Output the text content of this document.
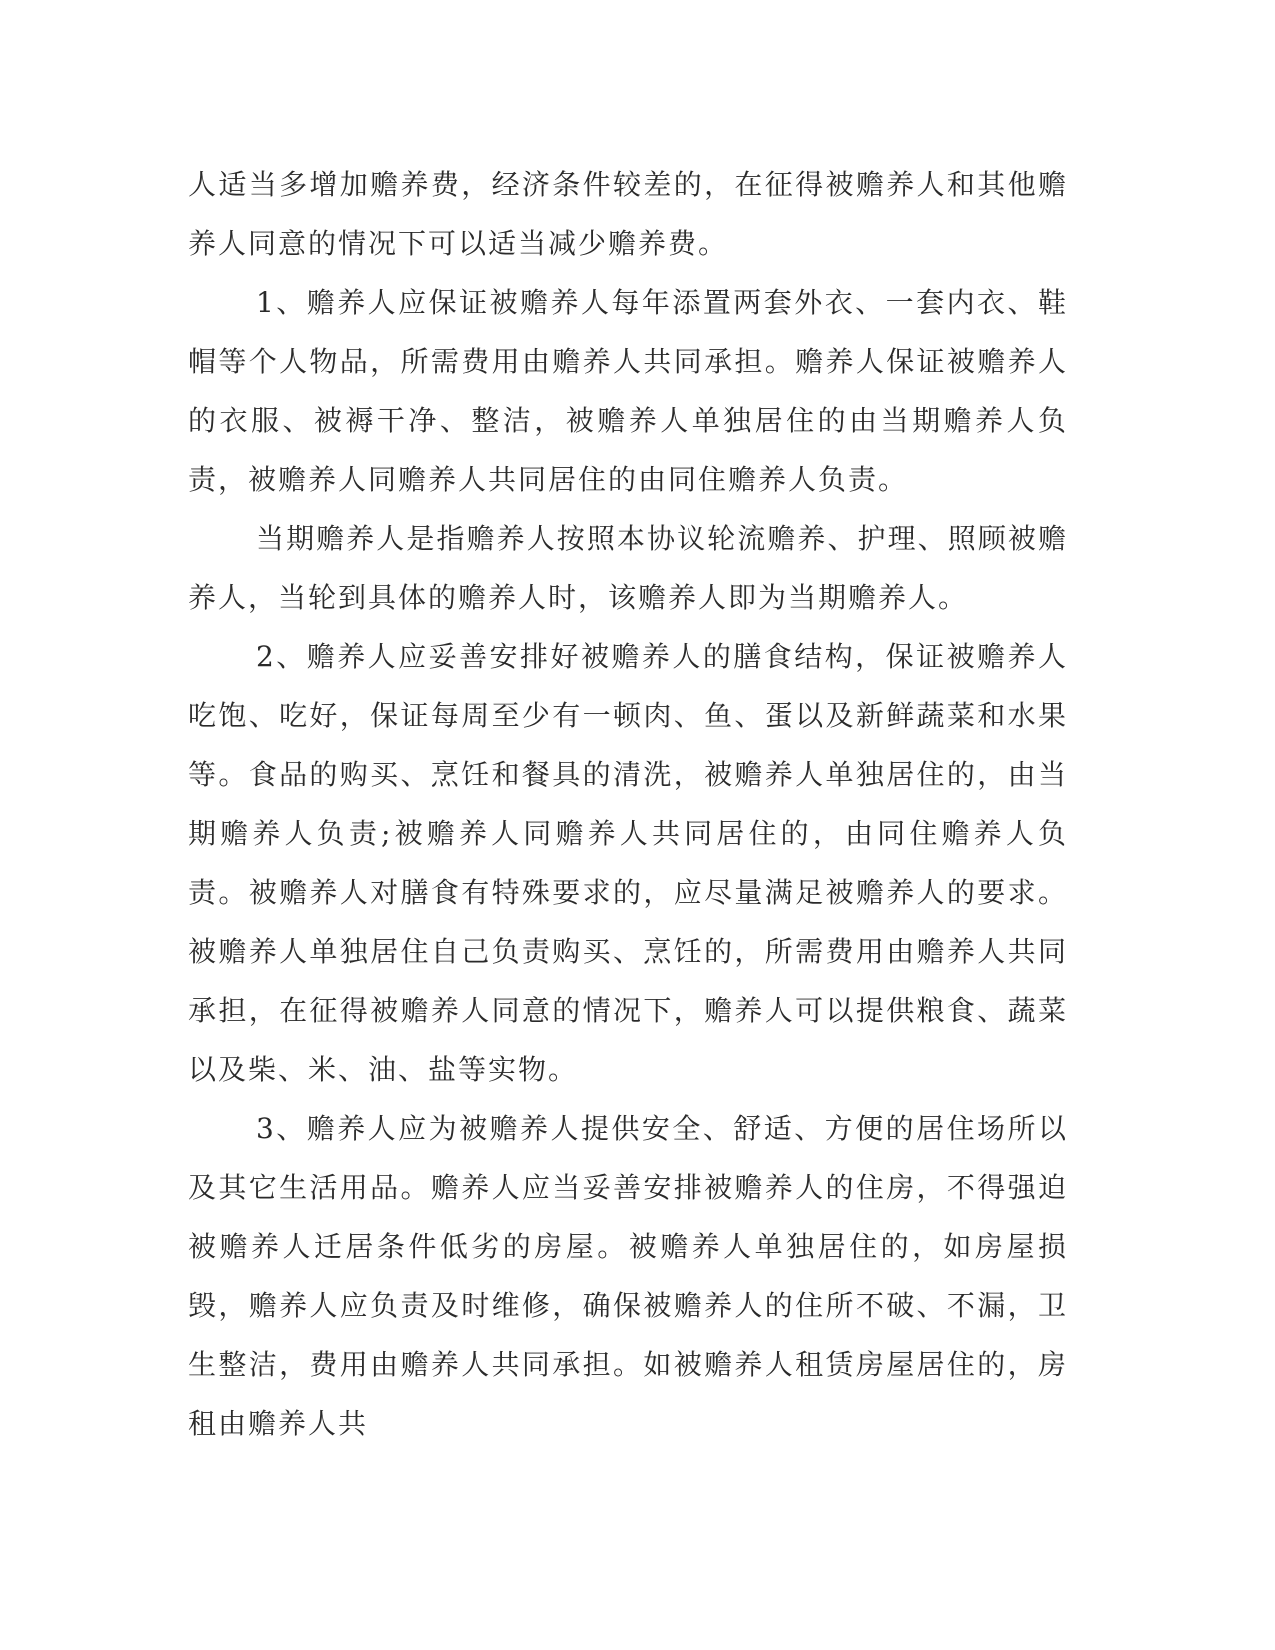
人适当多增加赡养费，经济条件较差的，在征得被赡养人和其他赡养人同意的情况下可以适当减少赡养费。

1、赡养人应保证被赡养人每年添置两套外衣、一套内衣、鞋帽等个人物品，所需费用由赡养人共同承担。赡养人保证被赡养人的衣服、被褥干净、整洁，被赡养人单独居住的由当期赡养人负责，被赡养人同赡养人共同居住的由同住赡养人负责。

当期赡养人是指赡养人按照本协议轮流赡养、护理、照顾被赡养人，当轮到具体的赡养人时，该赡养人即为当期赡养人。

2、赡养人应妥善安排好被赡养人的膳食结构，保证被赡养人吃饱、吃好，保证每周至少有一顿肉、鱼、蛋以及新鲜蔬菜和水果等。食品的购买、烹饪和餐具的清洗，被赡养人单独居住的，由当期赡养人负责;被赡养人同赡养人共同居住的，由同住赡养人负责。被赡养人对膳食有特殊要求的，应尽量满足被赡养人的要求。被赡养人单独居住自己负责购买、烹饪的，所需费用由赡养人共同承担，在征得被赡养人同意的情况下，赡养人可以提供粮食、蔬菜以及柴、米、油、盐等实物。

3、赡养人应为被赡养人提供安全、舒适、方便的居住场所以及其它生活用品。赡养人应当妥善安排被赡养人的住房，不得强迫被赡养人迁居条件低劣的房屋。被赡养人单独居住的，如房屋损毁，赡养人应负责及时维修，确保被赡养人的住所不破、不漏，卫生整洁，费用由赡养人共同承担。如被赡养人租赁房屋居住的，房租由赡养人共
